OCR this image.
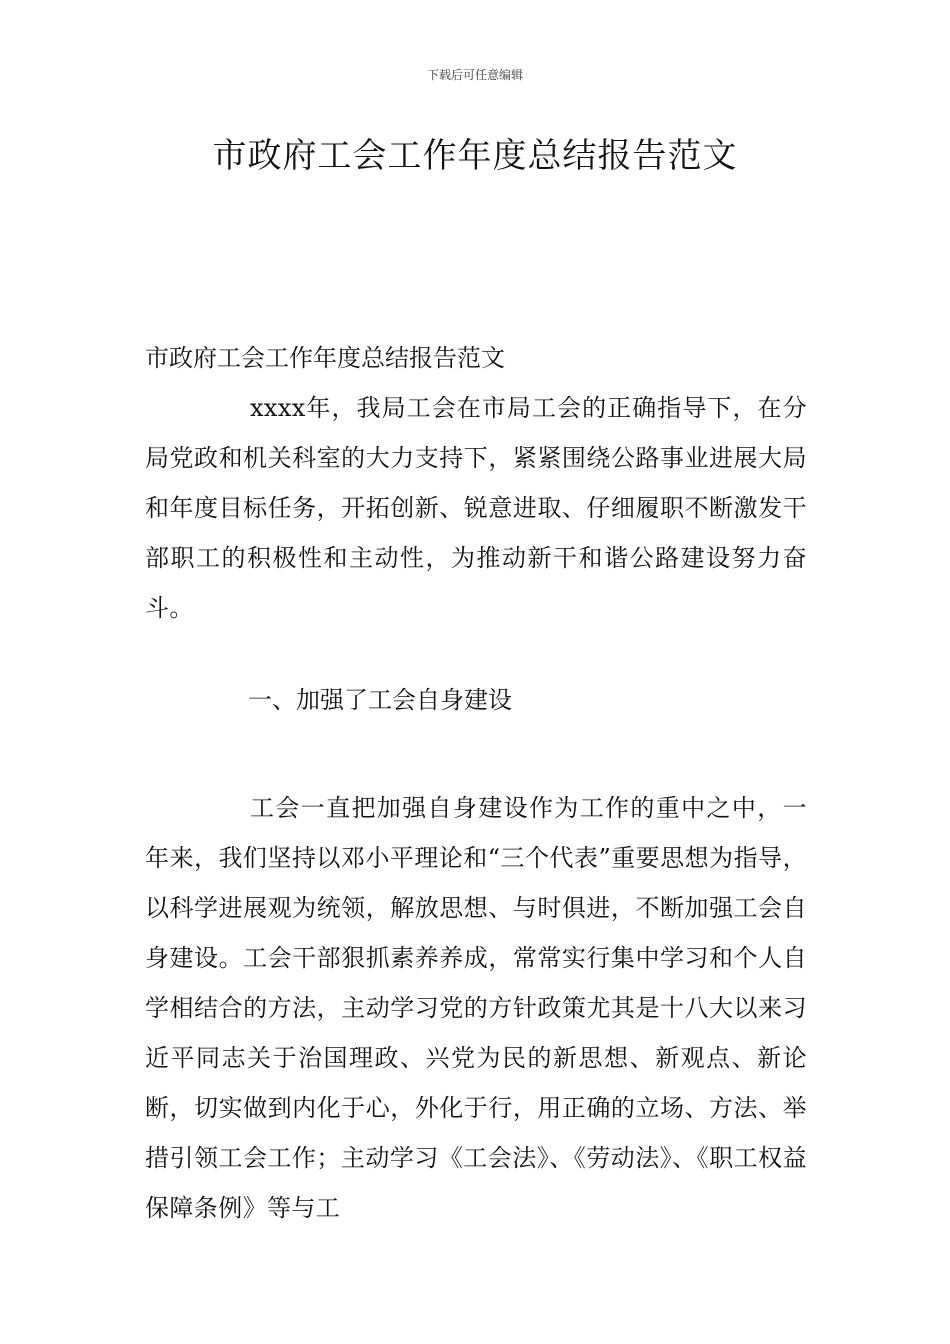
下载后可任意编辑
市政府工会工作年度总结报告范文

市政府工会工作年度总结报告范文

xxxx年，我局工会在市局工会的正确指导下，在分局党政和机关科室的大力支持下，紧紧围绕公路事业进展大局和年度目标任务，开拓创新、锐意进取、仔细履职不断激发干部职工的积极性和主动性，为推动新干和谐公路建设努力奋斗。

一、加强了工会自身建设

工会一直把加强自身建设作为工作的重中之中，一年来，我们坚持以邓小平理论和“三个代表”重要思想为指导，以科学进展观为统领，解放思想、与时俱进，不断加强工会自身建设。工会干部狠抓素养养成，常常实行集中学习和个人自学相结合的方法，主动学习党的方针政策尤其是十八大以来习近平同志关于治国理政、兴党为民的新思想、新观点、新论断，切实做到内化于心，外化于行，用正确的立场、方法、举措引领工会工作；主动学习《工会法》、《劳动法》、《职工权益保障条例》等与工
